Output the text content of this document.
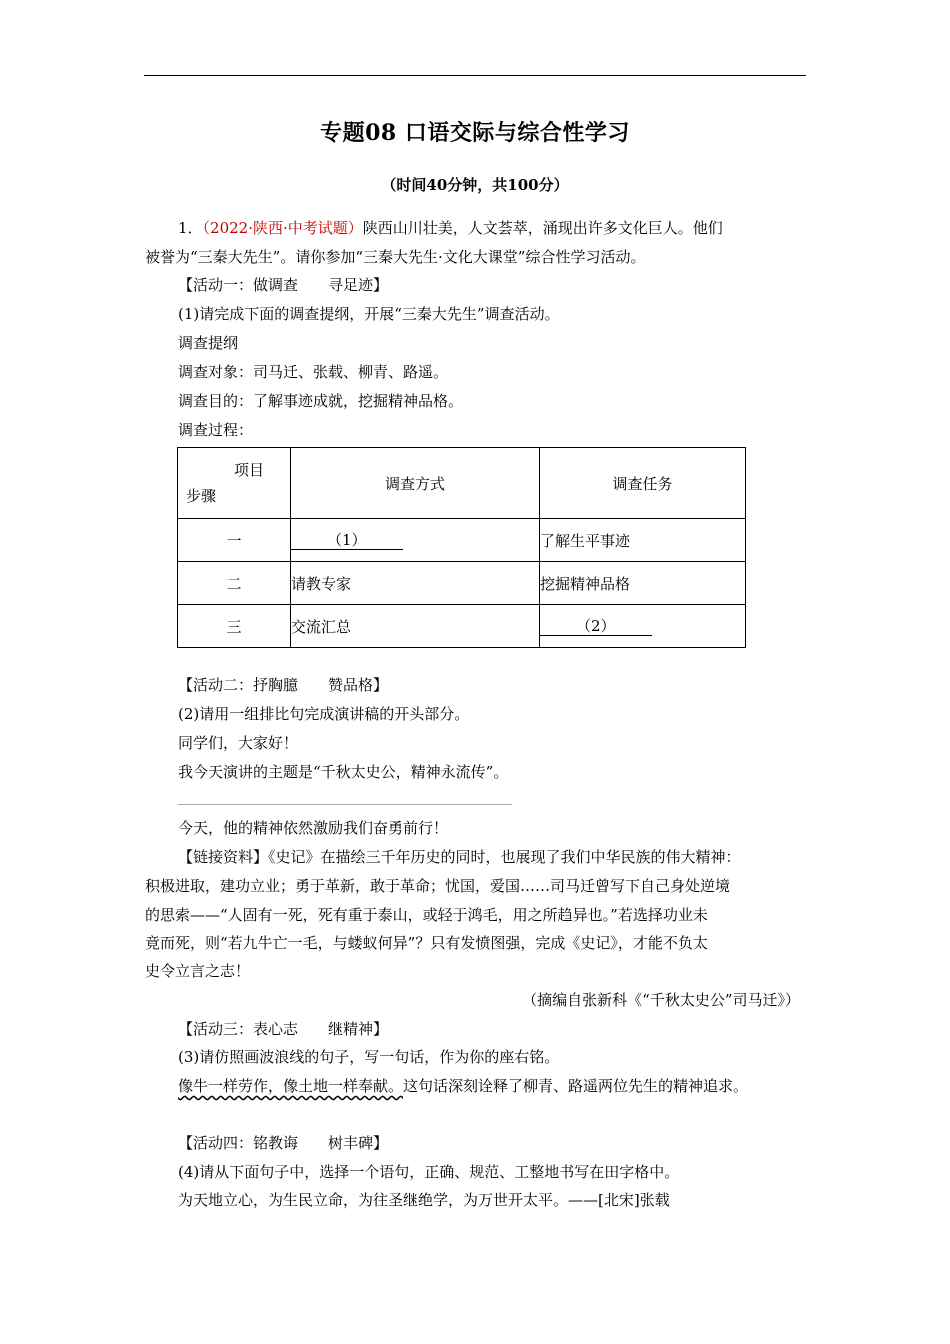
专题08 口语交际与综合性学习
（时间40分钟，共100分）
1．（2022·陕西·中考试题）陕西山川壮美，人文荟萃，涌现出许多文化巨人。他们
被誉为“三秦大先生”。请你参加“三秦大先生·文化大课堂”综合性学习活动。
【活动一：做调查　　寻足迹】
(1)请完成下面的调查提纲，开展“三秦大先生”调查活动。
调查提纲
调查对象：司马迁、张载、柳青、路遥。
调查目的：了解事迹成就，挖掘精神品格。
调查过程：
项目
步骤	调查方式	调查任务
一	（1）	了解生平事迹
二	请教专家	挖掘精神品格
三	交流汇总	（2）
【活动二：抒胸臆　　赞品格】
(2)请用一组排比句完成演讲稿的开头部分。
同学们，大家好！
我今天演讲的主题是“千秋太史公，精神永流传”。
今天，他的精神依然激励我们奋勇前行！
【链接资料】《史记》在描绘三千年历史的同时，也展现了我们中华民族的伟大精神：
积极进取，建功立业；勇于革新，敢于革命；忧国，爱国……司马迁曾写下自己身处逆境
的思索——“人固有一死，死有重于泰山，或轻于鸿毛，用之所趋异也。”若选择功业未
竟而死，则“若九牛亡一毛，与蝼蚁何异”？只有发愤图强，完成《史记》，才能不负太
史令立言之志！
（摘编自张新科《“千秋太史公”司马迁》）
【活动三：表心志　　继精神】
(3)请仿照画波浪线的句子，写一句话，作为你的座右铭。
像牛一样劳作，像土地一样奉献。这句话深刻诠释了柳青、路遥两位先生的精神追求。
【活动四：铭教诲　　树丰碑】
(4)请从下面句子中，选择一个语句，正确、规范、工整地书写在田字格中。
为天地立心，为生民立命，为往圣继绝学，为万世开太平。——[北宋]张载
